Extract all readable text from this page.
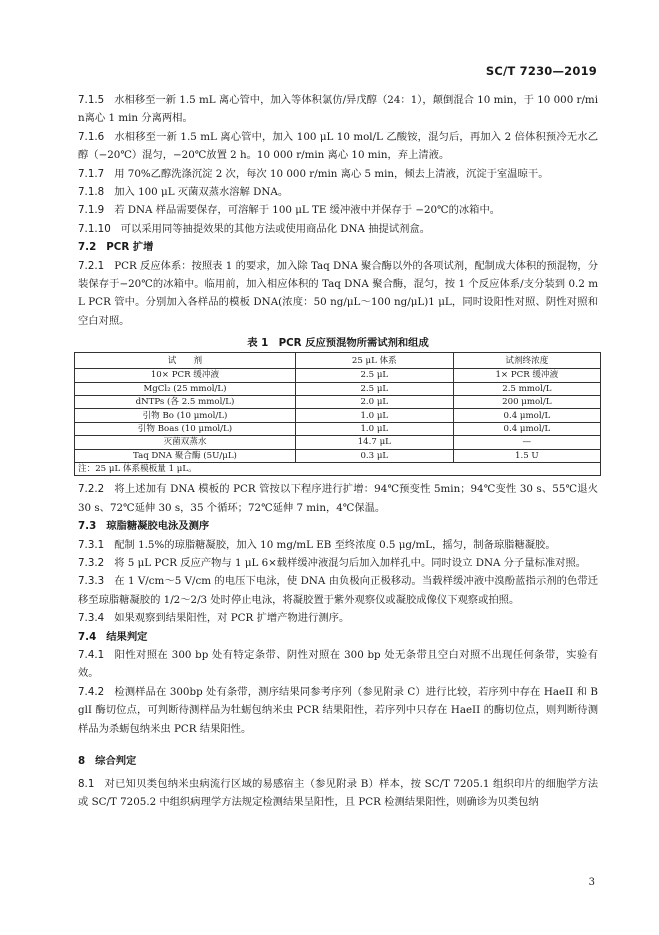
SC/T 7230—2019

7.1.5 水相移至一新 1.5 mL 离心管中，加入等体积氯仿/异戊醇（24：1），颠倒混合 10 min，于 10 000 r/min离心 1 min 分离两相。

7.1.6 水相移至一新 1.5 mL 离心管中，加入 100 μL 10 mol/L 乙酸铵，混匀后，再加入 2 倍体积预冷无水乙醇（−20℃）混匀，−20℃放置 2 h。10 000 r/min 离心 10 min，弃上清液。

7.1.7 用 70%乙醇洗涤沉淀 2 次，每次 10 000 r/min 离心 5 min，倾去上清液，沉淀于室温晾干。

7.1.8 加入 100 μL 灭菌双蒸水溶解 DNA。

7.1.9 若 DNA 样品需要保存，可溶解于 100 μL TE 缓冲液中并保存于 −20℃的冰箱中。

7.1.10 可以采用同等抽提效果的其他方法或使用商品化 DNA 抽提试剂盒。

7.2 PCR 扩增

7.2.1 PCR 反应体系：按照表 1 的要求，加入除 Taq DNA 聚合酶以外的各项试剂，配制成大体积的预混物，分装保存于−20℃的冰箱中。临用前，加入相应体积的 Taq DNA 聚合酶，混匀，按 1 个反应体系/支分装到 0.2 mL PCR 管中。分别加入各样品的模板 DNA(浓度：50 ng/μL～100 ng/μL)1 μL，同时设阳性对照、阴性对照和空白对照。

表 1　PCR 反应预混物所需试剂和组成
试　　剂	25 μL 体系	试剂终浓度
10× PCR 缓冲液	2.5 μL	1× PCR 缓冲液
MgCl₂ (25 mmol/L)	2.5 μL	2.5 mmol/L
dNTPs (各 2.5 mmol/L)	2.0 μL	200 μmol/L
引物 Bo (10 μmol/L)	1.0 μL	0.4 μmol/L
引物 Boas (10 μmol/L)	1.0 μL	0.4 μmol/L
灭菌双蒸水	14.7 μL	—
Taq DNA 聚合酶 (5U/μL)	0.3 μL	1.5 U
注：25 μL 体系模板量 1 μL。		

7.2.2 将上述加有 DNA 模板的 PCR 管按以下程序进行扩增：94℃预变性 5min；94℃变性 30 s、55℃退火 30 s、72℃延伸 30 s，35 个循环；72℃延伸 7 min，4℃保温。

7.3 琼脂糖凝胶电泳及测序

7.3.1 配制 1.5%的琼脂糖凝胶，加入 10 mg/mL EB 至终浓度 0.5 μg/mL，摇匀，制备琼脂糖凝胶。

7.3.2 将 5 μL PCR 反应产物与 1 μL 6×载样缓冲液混匀后加入加样孔中。同时设立 DNA 分子量标准对照。

7.3.3 在 1 V/cm～5 V/cm 的电压下电泳，使 DNA 由负极向正极移动。当载样缓冲液中溴酚蓝指示剂的色带迁移至琼脂糖凝胶的 1/2～2/3 处时停止电泳，将凝胶置于紫外观察仪或凝胶成像仪下观察或拍照。

7.3.4 如果观察到结果阳性，对 PCR 扩增产物进行测序。

7.4 结果判定

7.4.1 阳性对照在 300 bp 处有特定条带、阴性对照在 300 bp 处无条带且空白对照不出现任何条带，实验有效。

7.4.2 检测样品在 300bp 处有条带，测序结果同参考序列（参见附录 C）进行比较，若序列中存在 HaeII 和 BglI 酶切位点，可判断待测样品为牡蛎包纳米虫 PCR 结果阳性，若序列中只存在 HaeII 的酶切位点，则判断待测样品为杀蛎包纳米虫 PCR 结果阳性。

8 综合判定

8.1 对已知贝类包纳米虫病流行区域的易感宿主（参见附录 B）样本，按 SC/T 7205.1 组织印片的细胞学方法或 SC/T 7205.2 中组织病理学方法规定检测结果呈阳性，且 PCR 检测结果阳性，则确诊为贝类包纳

3
